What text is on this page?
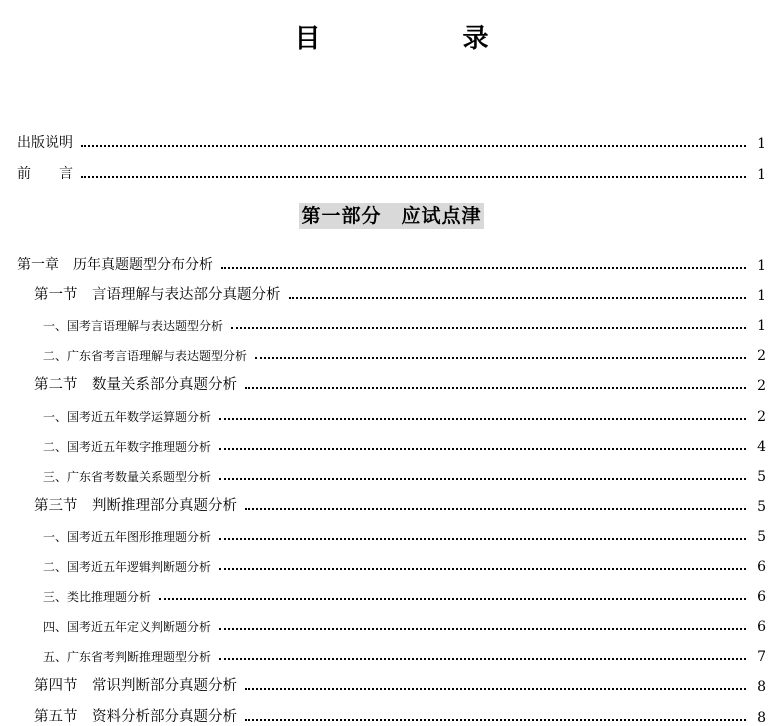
目　录
出版说明	1
前　　言	1
第一部分　应试点津
第一章　历年真题题型分布分析	1
第一节　言语理解与表达部分真题分析	1
一、国考言语理解与表达题型分析	1
二、广东省考言语理解与表达题型分析	2
第二节　数量关系部分真题分析	2
一、国考近五年数学运算题分析	2
二、国考近五年数字推理题分析	4
三、广东省考数量关系题型分析	5
第三节　判断推理部分真题分析	5
一、国考近五年图形推理题分析	5
二、国考近五年逻辑判断题分析	6
三、类比推理题分析	6
四、国考近五年定义判断题分析	6
五、广东省考判断推理题型分析	7
第四节　常识判断部分真题分析	8
第五节　资料分析部分真题分析	8
